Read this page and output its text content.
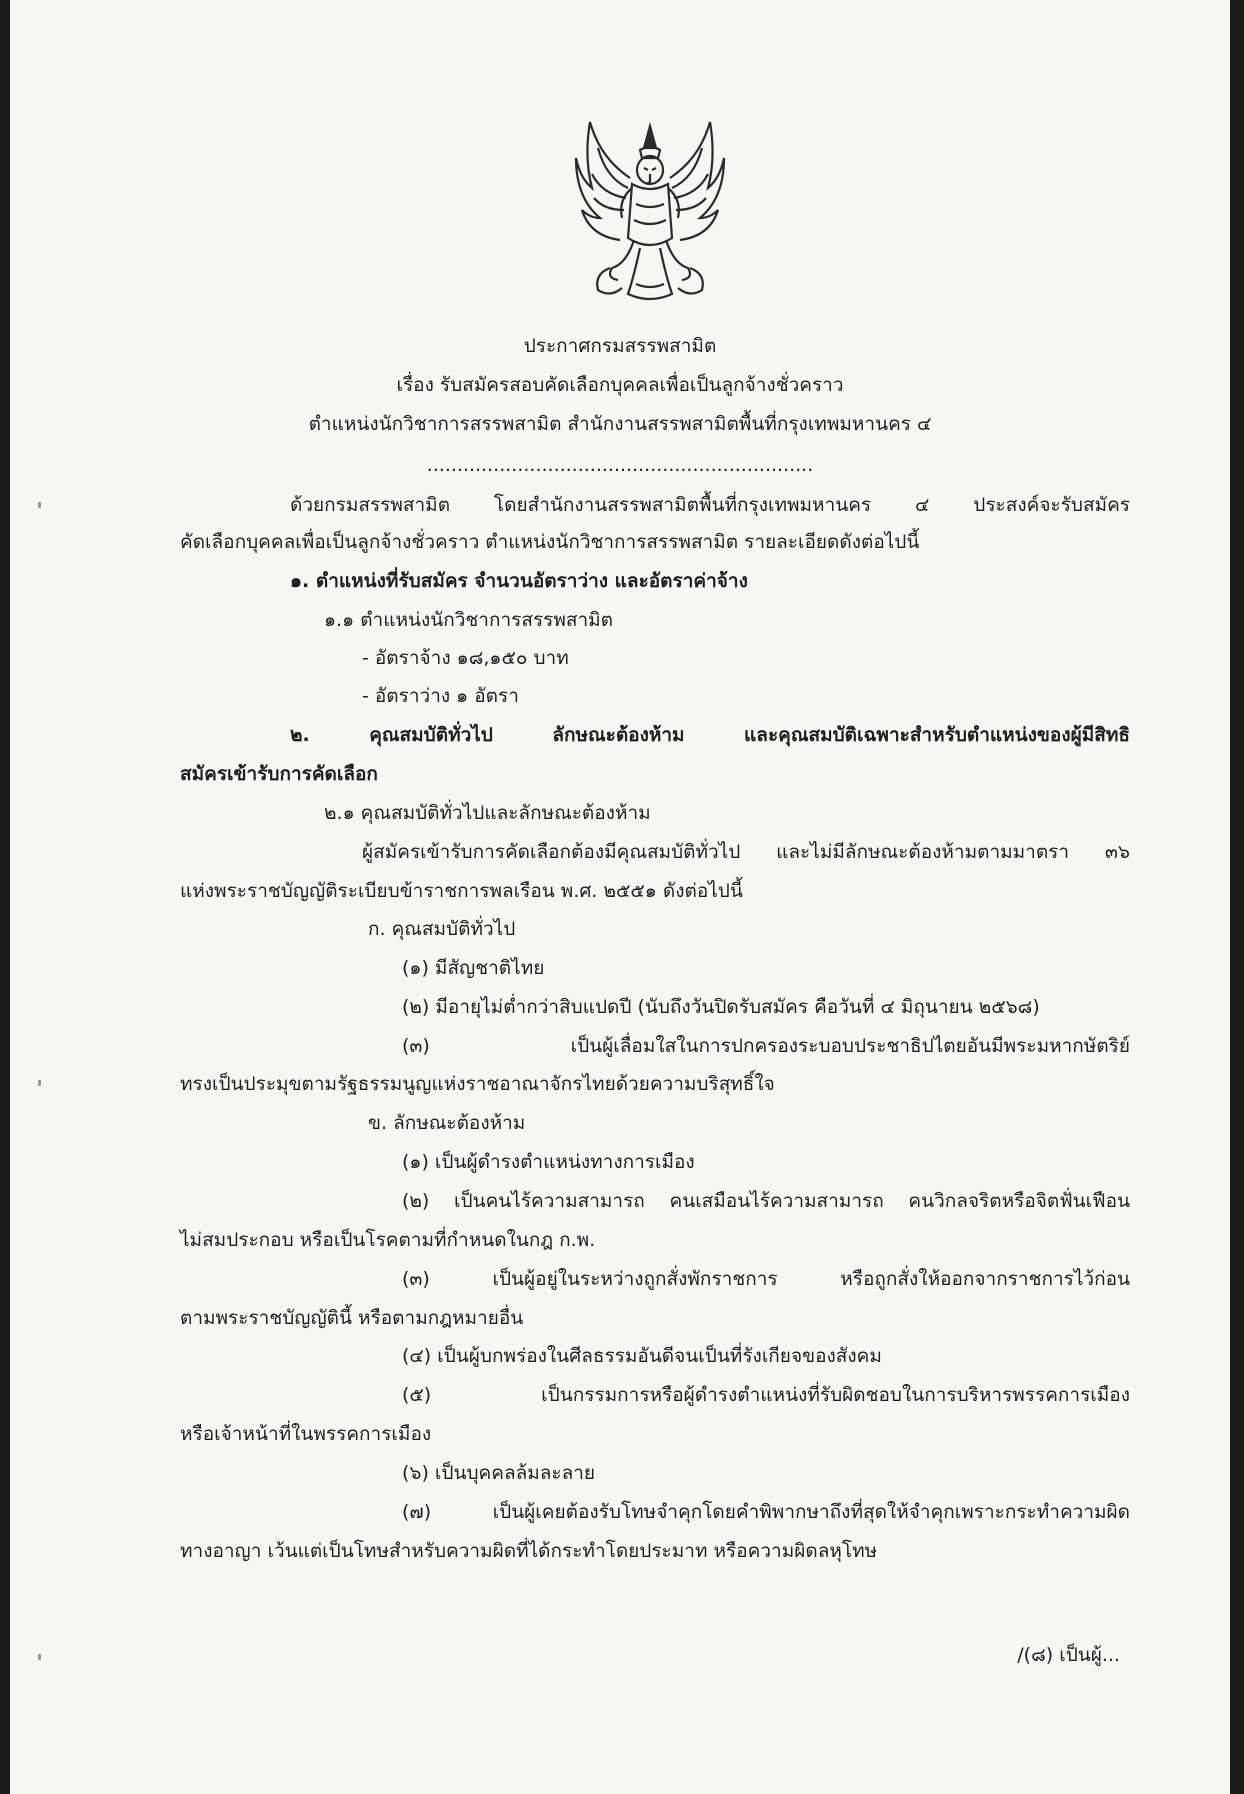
ประกาศกรมสรรพสามิต
เรื่อง รับสมัครสอบคัดเลือกบุคคลเพื่อเป็นลูกจ้างชั่วคราว
ตำแหน่งนักวิชาการสรรพสามิต สำนักงานสรรพสามิตพื้นที่กรุงเทพมหานคร ๔
................................................................
ด้วยกรมสรรพสามิต โดยสำนักงานสรรพสามิตพื้นที่กรุงเทพมหานคร ๔ ประสงค์จะรับสมัคร
คัดเลือกบุคคลเพื่อเป็นลูกจ้างชั่วคราว ตำแหน่งนักวิชาการสรรพสามิต รายละเอียดดังต่อไปนี้
๑. ตำแหน่งที่รับสมัคร จำนวนอัตราว่าง และอัตราค่าจ้าง
๑.๑ ตำแหน่งนักวิชาการสรรพสามิต
- อัตราจ้าง ๑๘,๑๕๐ บาท
- อัตราว่าง ๑ อัตรา
๒. คุณสมบัติทั่วไป ลักษณะต้องห้าม และคุณสมบัติเฉพาะสำหรับตำแหน่งของผู้มีสิทธิ
สมัครเข้ารับการคัดเลือก
๒.๑ คุณสมบัติทั่วไปและลักษณะต้องห้าม
ผู้สมัครเข้ารับการคัดเลือกต้องมีคุณสมบัติทั่วไป และไม่มีลักษณะต้องห้ามตามมาตรา ๓๖
แห่งพระราชบัญญัติระเบียบข้าราชการพลเรือน พ.ศ. ๒๕๕๑ ดังต่อไปนี้
ก. คุณสมบัติทั่วไป
(๑) มีสัญชาติไทย
(๒) มีอายุไม่ต่ำกว่าสิบแปดปี (นับถึงวันปิดรับสมัคร คือวันที่ ๔ มิถุนายน ๒๕๖๘)
(๓) เป็นผู้เลื่อมใสในการปกครองระบอบประชาธิปไตยอันมีพระมหากษัตริย์
ทรงเป็นประมุขตามรัฐธรรมนูญแห่งราชอาณาจักรไทยด้วยความบริสุทธิ์ใจ
ข. ลักษณะต้องห้าม
(๑) เป็นผู้ดำรงตำแหน่งทางการเมือง
(๒) เป็นคนไร้ความสามารถ คนเสมือนไร้ความสามารถ คนวิกลจริตหรือจิตฟั่นเฟือน
ไม่สมประกอบ หรือเป็นโรคตามที่กำหนดในกฎ ก.พ.
(๓) เป็นผู้อยู่ในระหว่างถูกสั่งพักราชการ หรือถูกสั่งให้ออกจากราชการไว้ก่อน
ตามพระราชบัญญัตินี้ หรือตามกฎหมายอื่น
(๔) เป็นผู้บกพร่องในศีลธรรมอันดีจนเป็นที่รังเกียจของสังคม
(๕) เป็นกรรมการหรือผู้ดำรงตำแหน่งที่รับผิดชอบในการบริหารพรรคการเมือง
หรือเจ้าหน้าที่ในพรรคการเมือง
(๖) เป็นบุคคลล้มละลาย
(๗) เป็นผู้เคยต้องรับโทษจำคุกโดยคำพิพากษาถึงที่สุดให้จำคุกเพราะกระทำความผิด
ทางอาญา เว้นแต่เป็นโทษสำหรับความผิดที่ได้กระทำโดยประมาท หรือความผิดลหุโทษ
/(๘) เป็นผู้...
